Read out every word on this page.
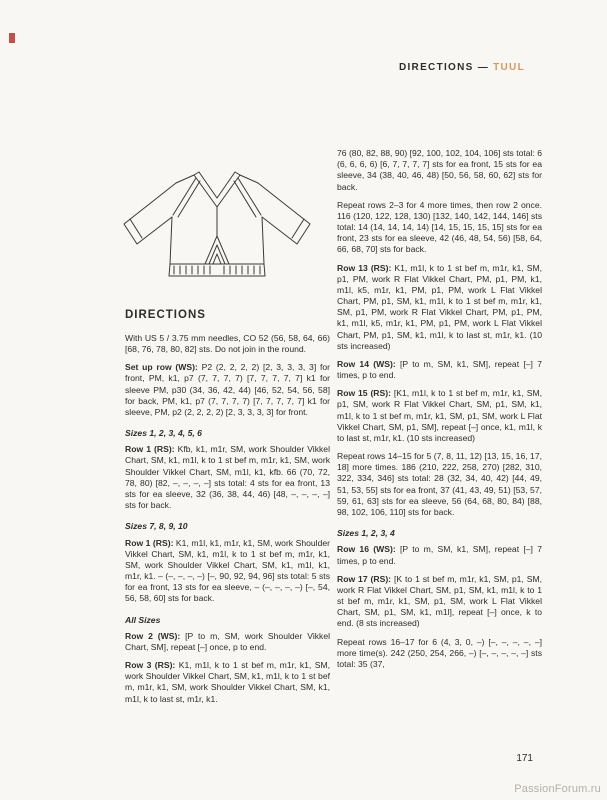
DIRECTIONS — TUUL
DIRECTIONS

With US 5 / 3.75 mm needles, CO 52 (56, 58, 64, 66) [68, 76, 78, 80, 82] sts. Do not join in the round.

Set up row (WS): P2 (2, 2, 2, 2) [2, 3, 3, 3, 3] for front, PM, k1, p7 (7, 7, 7, 7) [7, 7, 7, 7, 7] k1 for sleeve PM, p30 (34, 36, 42, 44) [46, 52, 54, 56, 58] for back, PM, k1, p7 (7, 7, 7, 7) [7, 7, 7, 7, 7] k1 for sleeve, PM, p2 (2, 2, 2, 2) [2, 3, 3, 3, 3] for front.

Sizes 1, 2, 3, 4, 5, 6

Row 1 (RS): Kfb, k1, m1r, SM, work Shoulder Vikkel Chart, SM, k1, m1l, k to 1 st bef m, m1r, k1, SM, work Shoulder Vikkel Chart, SM, m1l, k1, kfb. 66 (70, 72, 78, 80) [82, –, –, –, –] sts total: 4 sts for ea front, 13 sts for ea sleeve, 32 (36, 38, 44, 46) [48, –, –, –, –] sts for back.

Sizes 7, 8, 9, 10

Row 1 (RS): K1, m1l, k1, m1r, k1, SM, work Shoulder Vikkel Chart, SM, k1, m1l, k to 1 st bef m, m1r, k1, SM, work Shoulder Vikkel Chart, SM, k1, m1l, k1, m1r, k1. – (–, –, –, –) [–, 90, 92, 94, 96] sts total: 5 sts for ea front, 13 sts for ea sleeve, – (–, –, –, –) [–, 54, 56, 58, 60] sts for back.

All Sizes

Row 2 (WS): [P to m, SM, work Shoulder Vikkel Chart, SM], repeat [–] once, p to end.

Row 3 (RS): K1, m1l, k to 1 st bef m, m1r, k1, SM, work Shoulder Vikkel Chart, SM, k1, m1l, k to 1 st bef m, m1r, k1, SM, work Shoulder Vikkel Chart, SM, k1, m1l, k to last st, m1r, k1.

76 (80, 82, 88, 90) [92, 100, 102, 104, 106] sts total: 6 (6, 6, 6, 6) [6, 7, 7, 7, 7] sts for ea front, 15 sts for ea sleeve, 34 (38, 40, 46, 48) [50, 56, 58, 60, 62] sts for back.

Repeat rows 2–3 for 4 more times, then row 2 once. 116 (120, 122, 128, 130) [132, 140, 142, 144, 146] sts total: 14 (14, 14, 14, 14) [14, 15, 15, 15, 15] sts for ea front, 23 sts for ea sleeve, 42 (46, 48, 54, 56) [58, 64, 66, 68, 70] sts for back.

Row 13 (RS): K1, m1l, k to 1 st bef m, m1r, k1, SM, p1, PM, work R Flat Vikkel Chart, PM, p1, PM, k1, m1l, k5, m1r, k1, PM, p1, PM, work L Flat Vikkel Chart, PM, p1, SM, k1, m1l, k to 1 st bef m, m1r, k1, SM, p1, PM, work R Flat Vikkel Chart, PM, p1, PM, k1, m1l, k5, m1r, k1, PM, p1, PM, work L Flat Vikkel Chart, PM, p1, SM, k1, m1l, k to last st, m1r, k1. (10 sts increased)

Row 14 (WS): [P to m, SM, k1, SM], repeat [–] 7 times, p to end.

Row 15 (RS): [K1, m1l, k to 1 st bef m, m1r, k1, SM, p1, SM, work R Flat Vikkel Chart, SM, p1, SM, k1, m1l, k to 1 st bef m, m1r, k1, SM, p1, SM, work L Flat Vikkel Chart, SM, p1, SM], repeat [–] once, k1, m1l, k to last st, m1r, k1. (10 sts increased)

Repeat rows 14–15 for 5 (7, 8, 11, 12) [13, 15, 16, 17, 18] more times. 186 (210, 222, 258, 270) [282, 310, 322, 334, 346] sts total: 28 (32, 34, 40, 42) [44, 49, 51, 53, 55] sts for ea front, 37 (41, 43, 49, 51) [53, 57, 59, 61, 63] sts for ea sleeve, 56 (64, 68, 80, 84) [88, 98, 102, 106, 110] sts for back.

Sizes 1, 2, 3, 4

Row 16 (WS): [P to m, SM, k1, SM], repeat [–] 7 times, p to end.

Row 17 (RS): [K to 1 st bef m, m1r, k1, SM, p1, SM, work R Flat Vikkel Chart, SM, p1, SM, k1, m1l, k to 1 st bef m, m1r, k1, SM, p1, SM, work L Flat Vikkel Chart, SM, p1, SM, k1, m1l], repeat [–] once, k to end. (8 sts increased)

Repeat rows 16–17 for 6 (4, 3, 0, –) [–, –, –, –, –] more time(s). 242 (250, 254, 266, –) [–, –, –, –, –] sts total: 35 (37,

171
PassionForum.ru
